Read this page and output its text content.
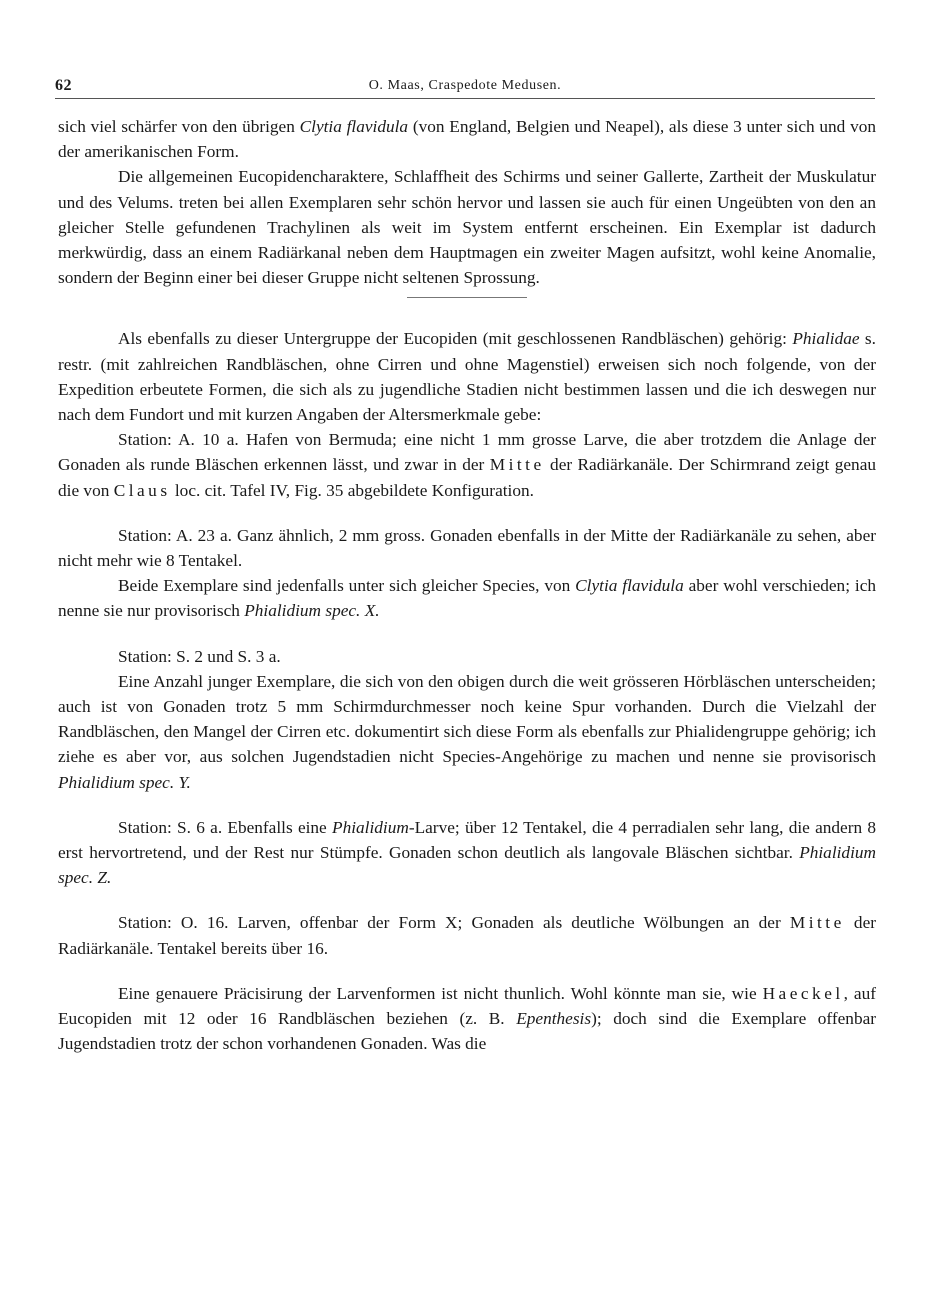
62	O. Maas, Craspedote Medusen.

sich viel schärfer von den übrigen Clytia flavidula (von England, Belgien und Neapel), als diese 3 unter sich und von der amerikanischen Form.

Die allgemeinen Eucopidencharaktere, Schlaffheit des Schirms und seiner Gallerte, Zartheit der Muskulatur und des Velums. treten bei allen Exemplaren sehr schön hervor und lassen sie auch für einen Ungeübten von den an gleicher Stelle gefundenen Trachylinen als weit im System entfernt erscheinen. Ein Exemplar ist dadurch merkwürdig, dass an einem Radiärkanal neben dem Hauptmagen ein zweiter Magen aufsitzt, wohl keine Anomalie, sondern der Beginn einer bei dieser Gruppe nicht seltenen Sprossung.

Als ebenfalls zu dieser Untergruppe der Eucopiden (mit geschlossenen Randbläschen) gehörig: Phialidae s. restr. (mit zahlreichen Randbläschen, ohne Cirren und ohne Magenstiel) erweisen sich noch folgende, von der Expedition erbeutete Formen, die sich als zu jugendliche Stadien nicht bestimmen lassen und die ich deswegen nur nach dem Fundort und mit kurzen Angaben der Altersmerkmale gebe:

Station: A. 10 a. Hafen von Bermuda; eine nicht 1 mm grosse Larve, die aber trotzdem die Anlage der Gonaden als runde Bläschen erkennen lässt, und zwar in der Mitte der Radiärkanäle. Der Schirmrand zeigt genau die von Claus loc. cit. Tafel IV, Fig. 35 abgebildete Konfiguration.

Station: A. 23 a. Ganz ähnlich, 2 mm gross. Gonaden ebenfalls in der Mitte der Radiärkanäle zu sehen, aber nicht mehr wie 8 Tentakel.

Beide Exemplare sind jedenfalls unter sich gleicher Species, von Clytia flavidula aber wohl verschieden; ich nenne sie nur provisorisch Phialidium spec. X.

Station: S. 2 und S. 3 a.

Eine Anzahl junger Exemplare, die sich von den obigen durch die weit grösseren Hörbläschen unterscheiden; auch ist von Gonaden trotz 5 mm Schirmdurchmesser noch keine Spur vorhanden. Durch die Vielzahl der Randbläschen, den Mangel der Cirren etc. dokumentirt sich diese Form als ebenfalls zur Phialidengruppe gehörig; ich ziehe es aber vor, aus solchen Jugendstadien nicht Species-Angehörige zu machen und nenne sie provisorisch Phialidium spec. Y.

Station: S. 6 a. Ebenfalls eine Phialidium-Larve; über 12 Tentakel, die 4 perradialen sehr lang, die andern 8 erst hervortretend, und der Rest nur Stümpfe. Gonaden schon deutlich als langovale Bläschen sichtbar. Phialidium spec. Z.

Station: O. 16. Larven, offenbar der Form X; Gonaden als deutliche Wölbungen an der Mitte der Radiärkanäle. Tentakel bereits über 16.

Eine genauere Präcisirung der Larvenformen ist nicht thunlich. Wohl könnte man sie, wie Haeckel, auf Eucopiden mit 12 oder 16 Randbläschen beziehen (z. B. Epenthesis); doch sind die Exemplare offenbar Jugendstadien trotz der schon vorhandenen Gonaden. Was die
